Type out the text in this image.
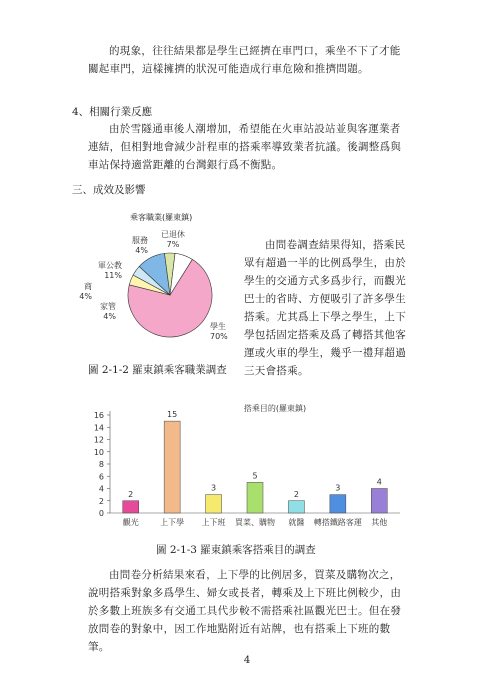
的現象，往往結果都是學生已經擠在車門口，乘坐不下了才能關起車門，這樣擁擠的狀況可能造成行車危險和推擠問題。
4、相關行業反應
由於雪隧通車後人潮增加，希望能在火車站設站並與客運業者連結，但相對地會減少計程車的搭乘率導致業者抗議。後調整爲與車站保持適當距離的台灣銀行爲不衡點。
三、成效及影響
乘客職業(羅東鎮)
學生
70%
家管
4%
商
4%
軍公教
11%
服務
4%
已退休
7%	由問卷調查結果得知，搭乘民眾有超過一半的比例爲學生，由於學生的交通方式多爲步行，而觀光巴士的省時、方便吸引了許多學生搭乘。尤其爲上下學之學生，上下學包括固定搭乘及爲了轉搭其他客運或火車的學生，幾乎一禮拜超過三天會搭乘。
圖 2-1-2 羅東鎮乘客職業調查
搭乘目的(羅東鎮)
0
2
4
6
8
10
12
14
16
2
觀光
15
上下學
3
上下班
5
買菜、購物
2
就醫
3
轉搭鐵路客運
4
其他
圖 2-1-3 羅東鎮乘客搭乘目的調查
由問卷分析結果來看，上下學的比例居多，買菜及購物次之，說明搭乘對象多爲學生、婦女或長者，轉乘及上下班比例較少，由於多數上班族多有交通工具代步較不需搭乘社區觀光巴士。但在發放問卷的對象中，因工作地點附近有站牌，也有搭乘上下班的數筆。
4
